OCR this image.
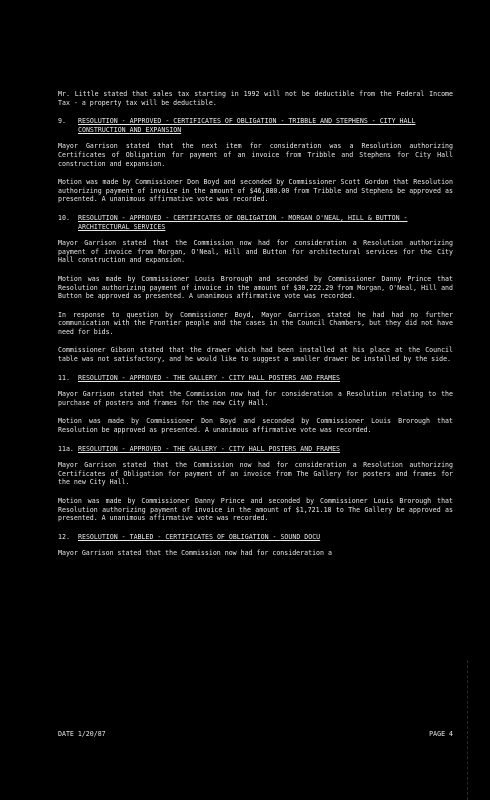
Mr. Little stated that sales tax starting in 1992 will not be deductible from the Federal Income Tax - a property tax will be deductible.

9.	RESOLUTION - APPROVED - CERTIFICATES OF OBLIGATION - TRIBBLE AND STEPHENS - CITY HALL CONSTRUCTION AND EXPANSION

Mayor Garrison stated that the next item for consideration was a Resolution authorizing Certificates of Obligation for payment of an invoice from Tribble and Stephens for City Hall construction and expansion.

Motion was made by Commissioner Don Boyd and seconded by Commissioner Scott Gordon that Resolution authorizing payment of invoice in the amount of $46,880.00 from Tribble and Stephens be approved as presented. A unanimous affirmative vote was recorded.

10.	RESOLUTION - APPROVED - CERTIFICATES OF OBLIGATION - MORGAN O'NEAL, HILL & BUTTON - ARCHITECTURAL SERVICES

Mayor Garrison stated that the Commission now had for consideration a Resolution authorizing payment of invoice from Morgan, O'Neal, Hill and Button for architectural services for the City Hall construction and expansion.

Motion was made by Commissioner Louis Brorough and seconded by Commissioner Danny Prince that Resolution authorizing payment of invoice in the amount of $30,222.29 from Morgan, O'Neal, Hill and Button be approved as presented. A unanimous affirmative vote was recorded.

In response to question by Commissioner Boyd, Mayor Garrison stated he had had no further communication with the Frontier people and the cases in the Council Chambers, but they did not have need for bids.

Commissioner Gibson stated that the drawer which had been installed at his place at the Council table was not satisfactory, and he would like to suggest a smaller drawer be installed by the side.

11.	RESOLUTION - APPROVED - THE GALLERY - CITY HALL POSTERS AND FRAMES

Mayor Garrison stated that the Commission now had for consideration a Resolution relating to the purchase of posters and frames for the new City Hall.

Motion was made by Commissioner Don Boyd and seconded by Commissioner Louis Brorough that Resolution be approved as presented. A unanimous affirmative vote was recorded.

11a. RESOLUTION - APPROVED - THE GALLERY - CITY HALL POSTERS AND FRAMES

Mayor Garrison stated that the Commission now had for consideration a Resolution authorizing Certificates of Obligation for payment of an invoice from The Gallery for posters and frames for the new City Hall.

Motion was made by Commissioner Danny Prince and seconded by Commissioner Louis Brorough that Resolution authorizing payment of invoice in the amount of $1,721.18 to The Gallery be approved as presented. A unanimous affirmative vote was recorded.

12.	RESOLUTION - TABLED - CERTIFICATES OF OBLIGATION - SOUND DOCU

Mayor Garrison stated that the Commission now had for consideration a

DATE 1/20/87	PAGE 4
